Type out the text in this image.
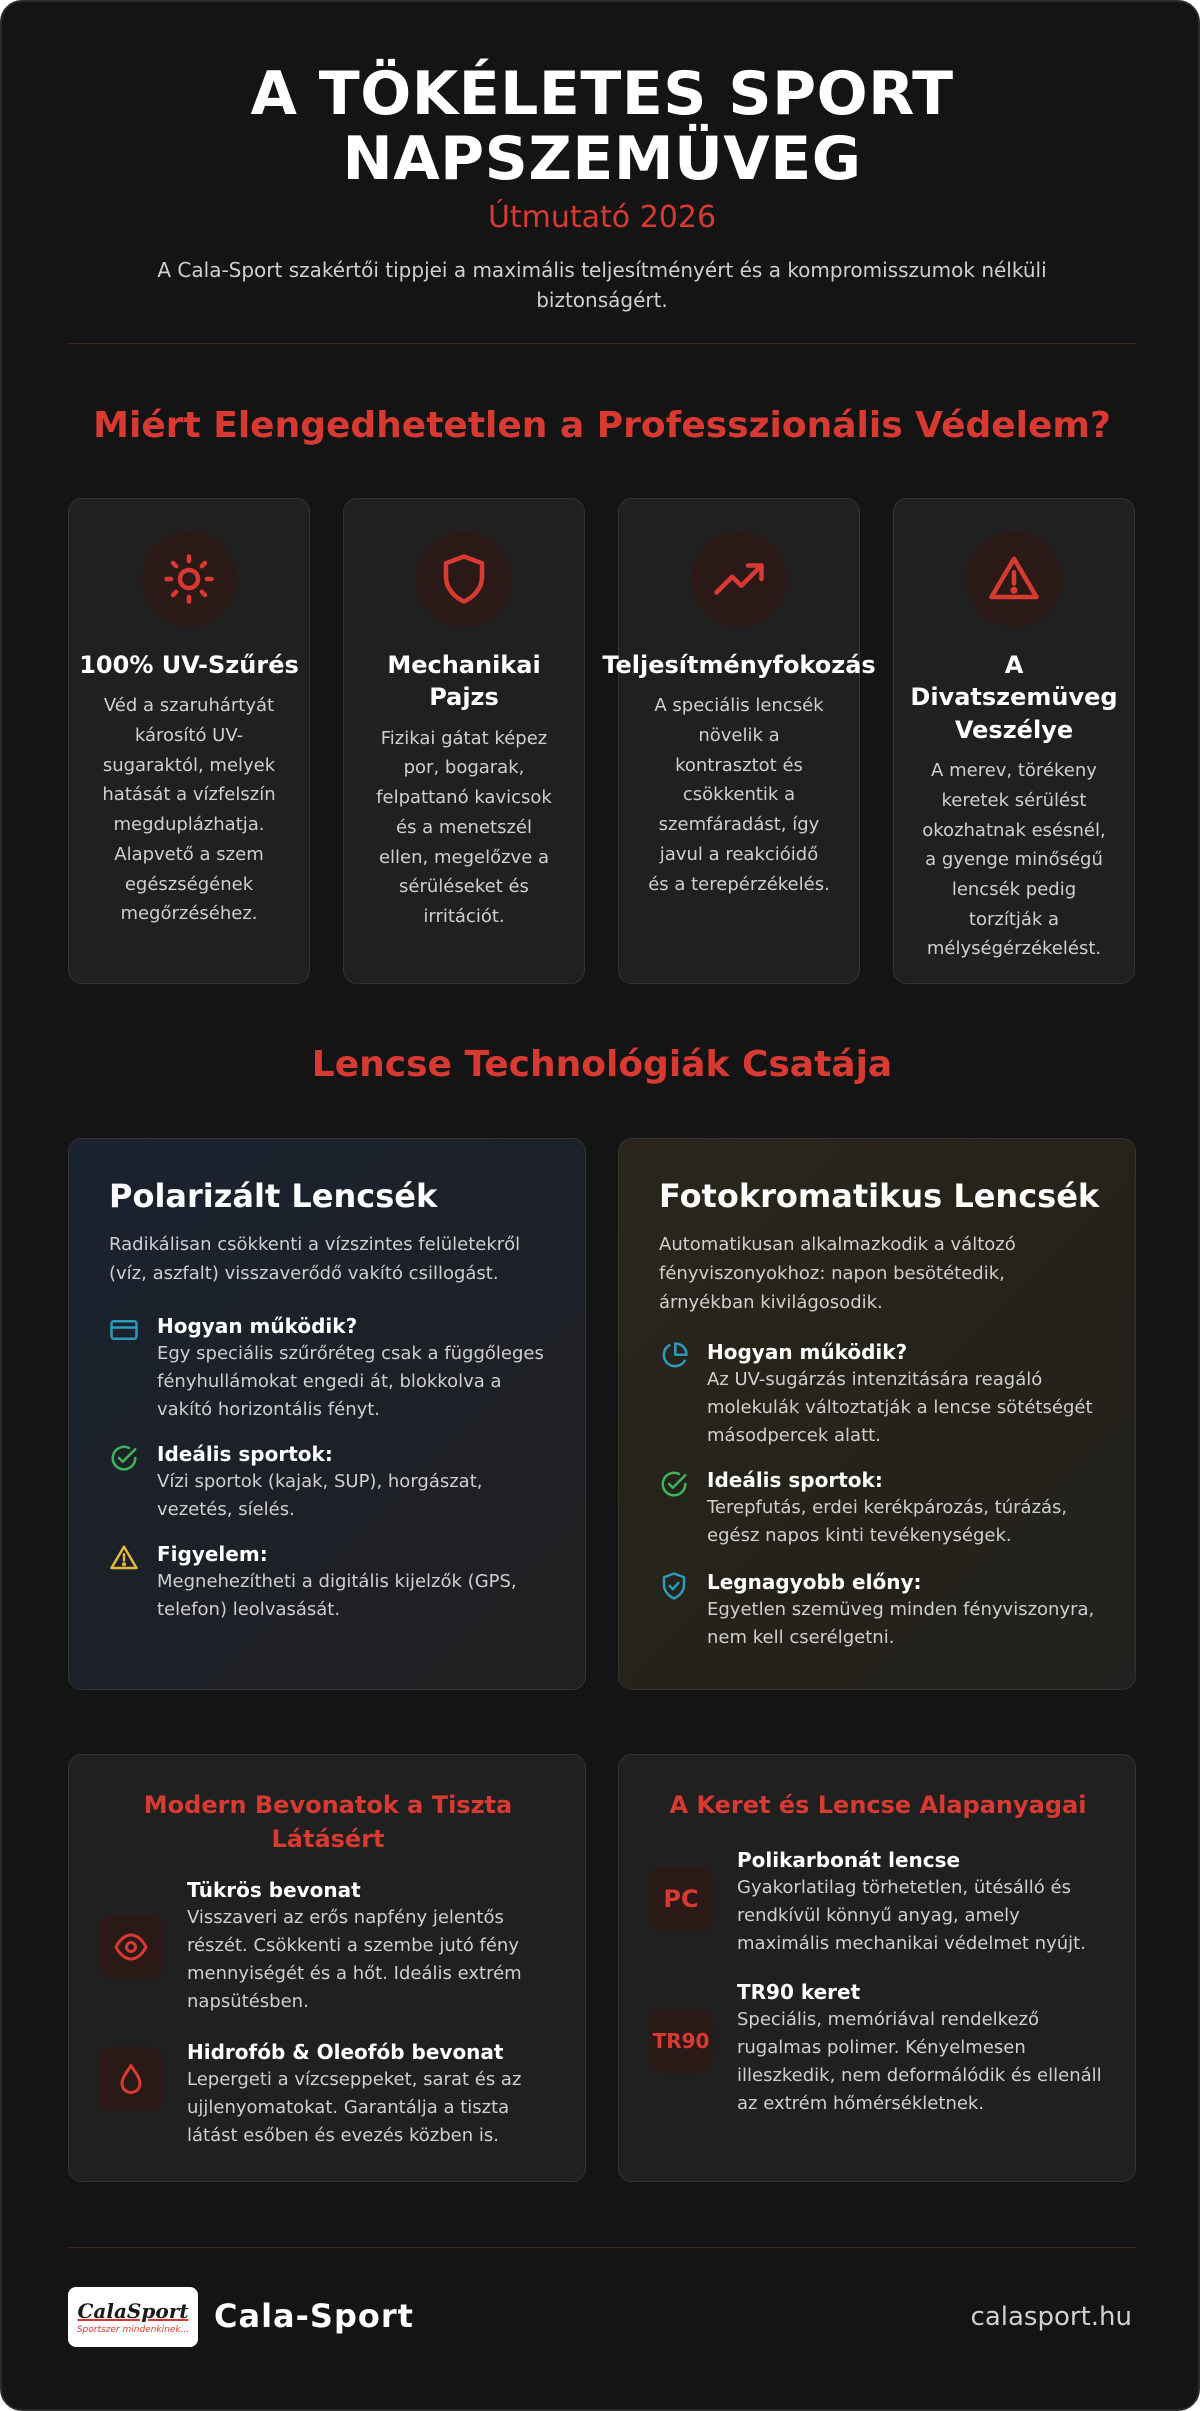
A TÖKÉLETES SPORT
NAPSZEMÜVEG
Útmutató 2026
A Cala-Sport szakértői tippjei a maximális teljesítményért és a kompromisszumok nélküli biztonságért.
Miért Elengedhetetlen a Professzionális Védelem?
100% UV-Szűrés
Véd a szaruhártyát károsító UV-sugaraktól, melyek hatását a vízfelszín megduplázhatja. Alapvető a szem egészségének megőrzéséhez.
Mechanikai Pajzs
Fizikai gátat képez por, bogarak, felpattanó kavicsok és a menetszél ellen, megelőzve a sérüléseket és irritációt.
Teljesítményfokozás
A speciális lencsék növelik a kontrasztot és csökkentik a szemfáradást, így javul a reakcióidő és a terepérzékelés.
A Divatszemüveg Veszélye
A merev, törékeny keretek sérülést okozhatnak esésnél, a gyenge minőségű lencsék pedig torzítják a mélységérzékelést.
Lencse Technológiák Csatája
Polarizált Lencsék
Radikálisan csökkenti a vízszintes felületekről (víz, aszfalt) visszaverődő vakító csillogást.
Hogyan működik?
Egy speciális szűrőréteg csak a függőleges fényhullámokat engedi át, blokkolva a vakító horizontális fényt.
Ideális sportok:
Vízi sportok (kajak, SUP), horgászat, vezetés, síelés.
Figyelem:
Megnehezítheti a digitális kijelzők (GPS, telefon) leolvasását.
Fotokromatikus Lencsék
Automatikusan alkalmazkodik a változó fényviszonyokhoz: napon besötétedik, árnyékban kivilágosodik.
Hogyan működik?
Az UV-sugárzás intenzitására reagáló molekulák változtatják a lencse sötétségét másodpercek alatt.
Ideális sportok:
Terepfutás, erdei kerékpározás, túrázás, egész napos kinti tevékenységek.
Legnagyobb előny:
Egyetlen szemüveg minden fényviszonyra, nem kell cserélgetni.
Modern Bevonatok a Tiszta Látásért
Tükrös bevonat
Visszaveri az erős napfény jelentős részét. Csökkenti a szembe jutó fény mennyiségét és a hőt. Ideális extrém napsütésben.
Hidrofób & Oleofób bevonat
Lepergeti a vízcseppeket, sarat és az ujjlenyomatokat. Garantálja a tiszta látást esőben és evezés közben is.
A Keret és Lencse Alapanyagai
PC
Polikarbonát lencse
Gyakorlatilag törhetetlen, ütésálló és rendkívül könnyű anyag, amely maximális mechanikai védelmet nyújt.
TR90
TR90 keret
Speciális, memóriával rendelkező rugalmas polimer. Kényelmesen illeszkedik, nem deformálódik és ellenáll az extrém hőmérsékletnek.
CalaSport
Sportszer mindenkinek... Cala-Sport	calasport.hu
